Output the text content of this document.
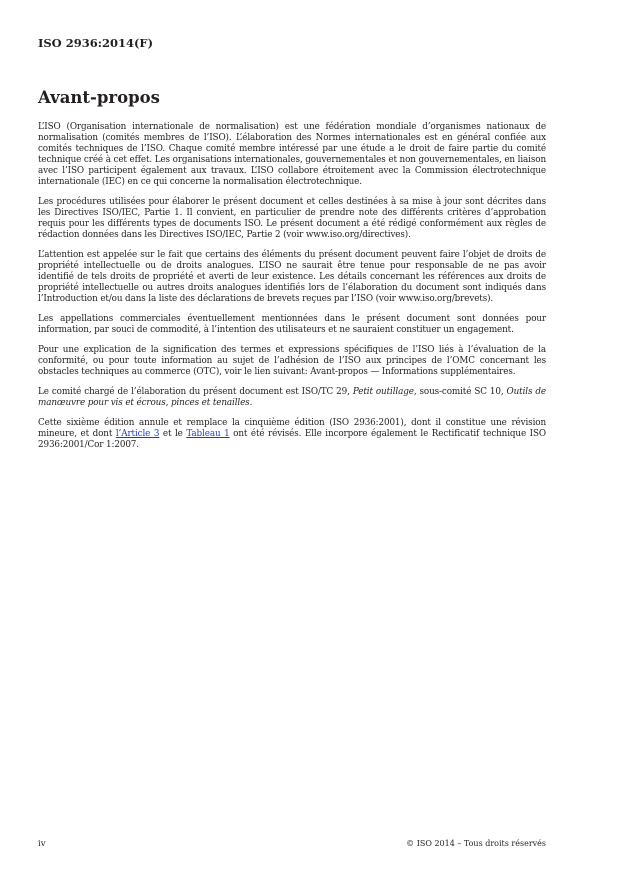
ISO 2936:2014(F)
Avant-propos

L’ISO (Organisation internationale de normalisation) est une fédération mondiale d’organismes nationaux de normalisation (comités membres de l’ISO). L’élaboration des Normes internationales est en général confiée aux comités techniques de l’ISO. Chaque comité membre intéressé par une étude a le droit de faire partie du comité technique créé à cet effet. Les organisations internationales, gouvernementales et non gouvernementales, en liaison avec l’ISO participent également aux travaux. L’ISO collabore étroitement avec la Commission électrotechnique internationale (IEC) en ce qui concerne la normalisation électrotechnique.

Les procédures utilisées pour élaborer le présent document et celles destinées à sa mise à jour sont décrites dans les Directives ISO/IEC, Partie 1. Il convient, en particulier de prendre note des différents critères d’approbation requis pour les différents types de documents ISO. Le présent document a été rédigé conformément aux règles de rédaction données dans les Directives ISO/IEC, Partie 2 (voir www.iso.org/directives).

L’attention est appelée sur le fait que certains des éléments du présent document peuvent faire l’objet de droits de propriété intellectuelle ou de droits analogues. L’ISO ne saurait être tenue pour responsable de ne pas avoir identifié de tels droits de propriété et averti de leur existence. Les détails concernant les références aux droits de propriété intellectuelle ou autres droits analogues identifiés lors de l’élaboration du document sont indiqués dans l’Introduction et/ou dans la liste des déclarations de brevets reçues par l’ISO (voir www.iso.org/brevets).

Les appellations commerciales éventuellement mentionnées dans le présent document sont données pour information, par souci de commodité, à l’intention des utilisateurs et ne sauraient constituer un engagement.

Pour une explication de la signification des termes et expressions spécifiques de l’ISO liés à l’évaluation de la conformité, ou pour toute information au sujet de l’adhésion de l’ISO aux principes de l’OMC concernant les obstacles techniques au commerce (OTC), voir le lien suivant: Avant-propos — Informations supplémentaires.

Le comité chargé de l’élaboration du présent document est ISO/TC 29, Petit outillage, sous-comité SC 10, Outils de manœuvre pour vis et écrous, pinces et tenailles.

Cette sixième édition annule et remplace la cinquième édition (ISO 2936:2001), dont il constitue une révision mineure, et dont l’Article 3 et le Tableau 1 ont été révisés. Elle incorpore également le Rectificatif technique ISO 2936:2001/Cor 1:2007.

iv	© ISO 2014 – Tous droits réservés
